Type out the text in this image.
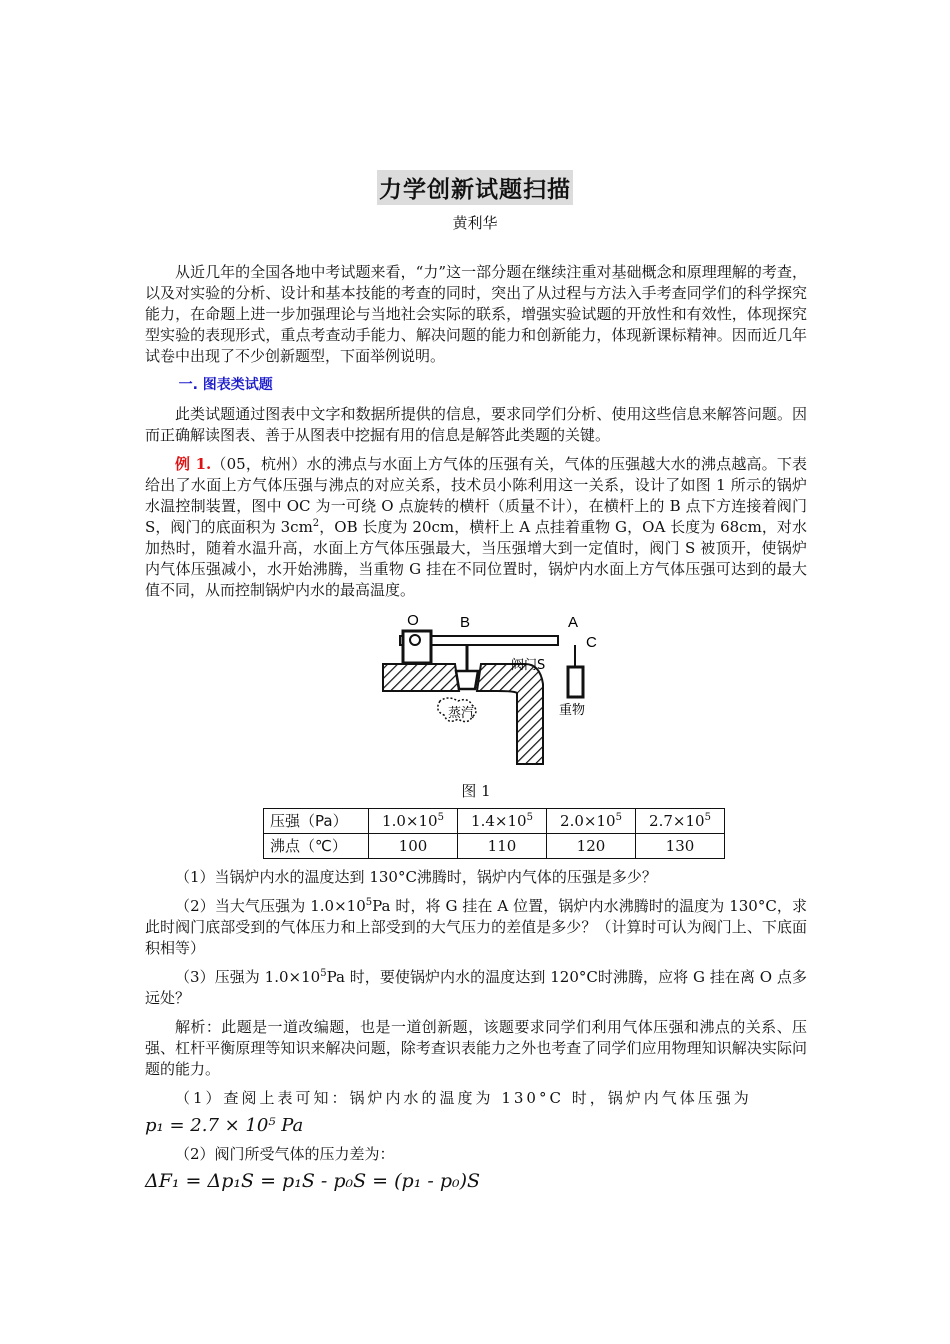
力学创新试题扫描
黄利华

从近几年的全国各地中考试题来看，“力”这一部分题在继续注重对基础概念和原理理解的考查，以及对实验的分析、设计和基本技能的考查的同时，突出了从过程与方法入手考查同学们的科学探究能力，在命题上进一步加强理论与当地社会实际的联系，增强实验试题的开放性和有效性，体现探究型实验的表现形式，重点考查动手能力、解决问题的能力和创新能力，体现新课标精神。因而近几年试卷中出现了不少创新题型，下面举例说明。

一. 图表类试题

此类试题通过图表中文字和数据所提供的信息，要求同学们分析、使用这些信息来解答问题。因而正确解读图表、善于从图表中挖掘有用的信息是解答此类题的关键。

例 1.（05，杭州）水的沸点与水面上方气体的压强有关，气体的压强越大水的沸点越高。下表给出了水面上方气体压强与沸点的对应关系，技术员小陈利用这一关系，设计了如图 1 所示的锅炉水温控制装置，图中 OC 为一可绕 O 点旋转的横杆（质量不计），在横杆上的 B 点下方连接着阀门 S，阀门的底面积为 $3cm^2$，OB 长度为 20cm，横杆上 A 点挂着重物 G，OA 长度为 68cm，对水加热时，随着水温升高，水面上方气体压强最大，当压强增大到一定值时，阀门 S 被顶开，使锅炉内气体压强减小，水开始沸腾，当重物 G 挂在不同位置时，锅炉内水面上方气体压强可达到的最大值不同，从而控制锅炉内水的最高温度。

O	B	A
C
阀门S
蒸汽	重物
图 1
压强（Pa）	$1.0\times 10^5$	$1.4\times 10^5$	$2.0\times 10^5$	$2.7\times 10^5$
沸点（℃）	100	110	120	130

（1）当锅炉内水的温度达到 130°C沸腾时，锅炉内气体的压强是多少？

（2）当大气压强为 $1.0\times 10^5Pa$ 时，将 G 挂在 A 位置，锅炉内水沸腾时的温度为 130°C，求此时阀门底部受到的气体压力和上部受到的大气压力的差值是多少？（计算时可认为阀门上、下底面积相等）

（3）压强为 $1.0\times 10^5Pa$ 时，要使锅炉内水的温度达到 120°C时沸腾，应将 G 挂在离 O 点多远处？

解析：此题是一道改编题，也是一道创新题，该题要求同学们利用气体压强和沸点的关系、压强、杠杆平衡原理等知识来解决问题，除考查识表能力之外也考查了同学们应用物理知识解决实际问题的能力。

（1）查阅上表可知：锅炉内水的温度为 130°C 时，锅炉内气体压强为

p₁ = 2.7 × 10⁵ Pa

（2）阀门所受气体的压力差为：

ΔF₁ = Δp₁S = p₁S - p₀S = (p₁ - p₀)S
